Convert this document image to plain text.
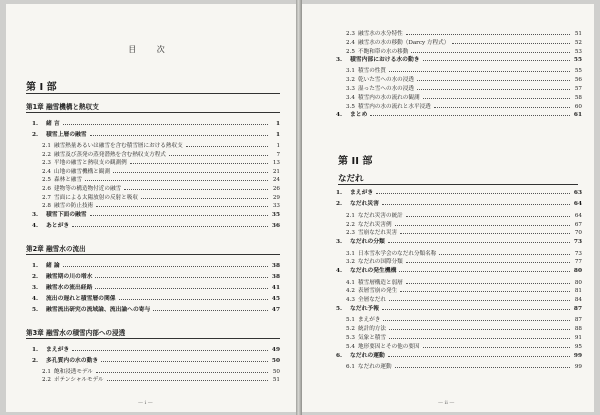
目 次
第 I 部
第1章 融雪機構と熱収支
1.	緒 言	1
2.	積雪上層の融雪	1
2.1 融雪熱量あるいは融雪を含む積雪層における熱収支	1
2.2 融雪及び蒸発の蒸発潜熱を含む熱収支方程式	7
2.3 平地の融雪と熱収支の観測例	13
2.4 山地の融雪機構と観測	21
2.5 森林と融雪	24
2.6 建物等の構造物付近の融雪	26
2.7 雪面による太陽放射の反射と吸収	29
2.8 融雪の防止技術	33
3.	積雪下面の融雪	35
4.	あとがき	36
第2章 融雪水の流出
1.	緒 論	38
2.	融雪期の川の増水	38
3.	融雪水の流出経路	41
4.	流出の遅れと積雪層の関係	45
5.	融雪流出研究の流域論、流出論への寄与	47
第3章 融雪水の積雪内部への浸透
1.	まえがき	49
2.	多孔質内の水の動き	50
2.1 飽和浸透モデル	50
2.2 ポテンシャルモデル	51
— i —
第 II 部
なだれ
2.3 融雪水の水分特性	51
2.4 融雪水の水の移動（Darcy 方程式）	52
2.5 不飽和帯の水の移動	53
3.	積雪内部における水の動き	55
3.1 積雪の性質	55
3.2 乾いた雪への水の浸透	56
3.3 湿った雪への水の浸透	57
3.4 積雪内の水の流れの観測	58
3.5 積雪内の水の流れと水平浸透	60
4.	まとめ	61
1.	まえがき	63
2.	なだれ災害	64
2.1 なだれ災害の統計	64
2.2 なだれ災害例	67
2.3 雪崩なだれ災害	70
3.	なだれの分類	73
3.1 日本雪氷学会のなだれ分類名称	73
3.2 なだれの国際分類	77
4.	なだれの発生機構	80
4.1 積雪層構造と弱層	80
4.2 表層雪崩の発生	81
4.3 全層なだれ	84
5.	なだれ予報	87
5.1 まえがき	87
5.2 統計的方法	88
5.3 気象と積雪	91
5.4 地形要因とその他の要因	95
6.	なだれの運動	99
6.1 なだれの運動	99
— ii —
